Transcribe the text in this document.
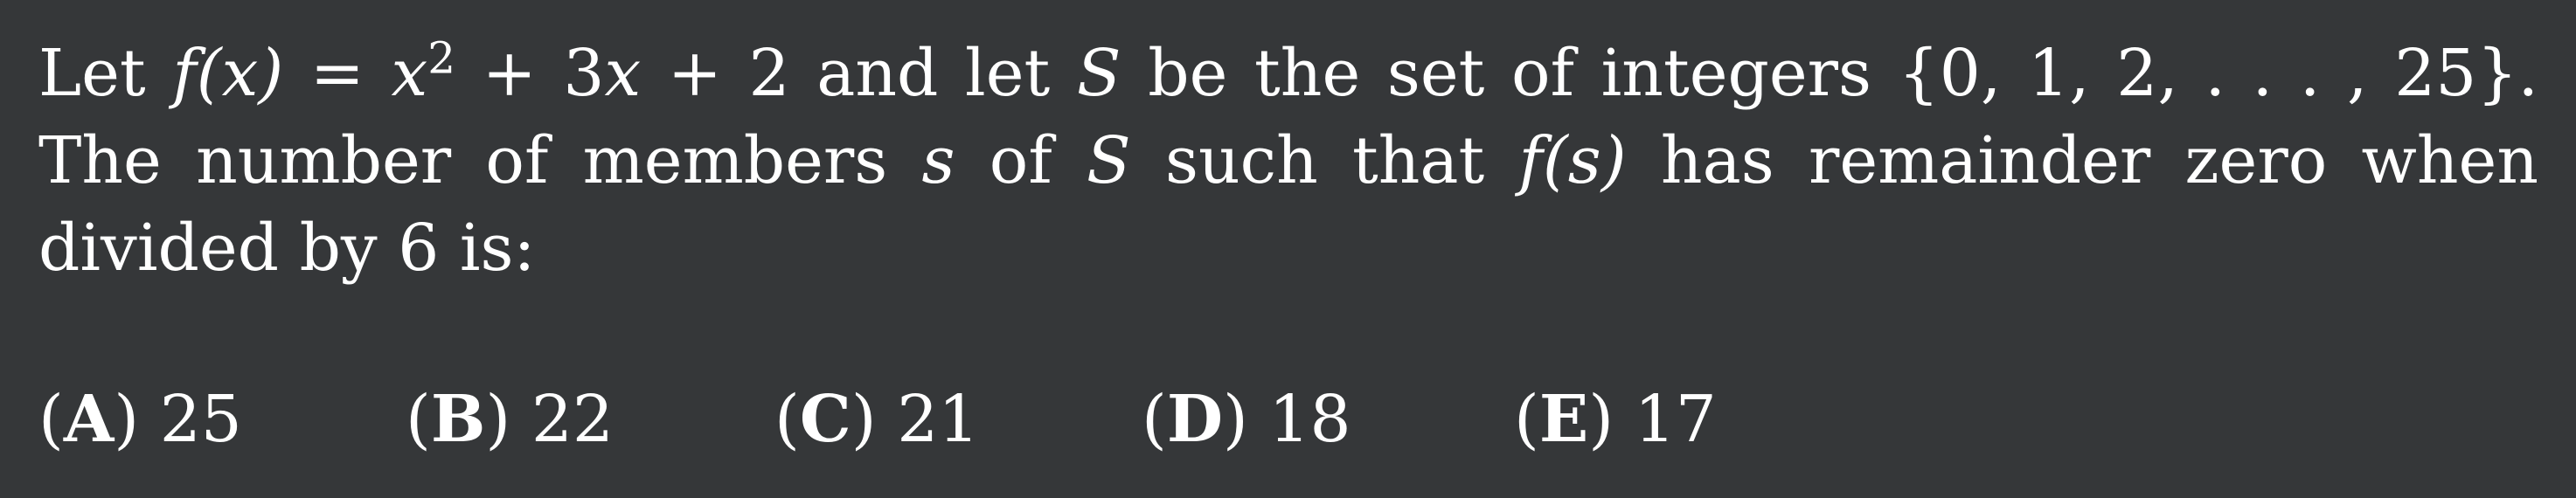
Let $f(x) = x^2 + 3x + 2$ and let S be the set of integers {0, 1, 2, . . . , 25}. The number of members s of S such that f(s) has remainder zero when divided by 6 is:
(A) 25	(B) 22 (C) 21	(D) 18	(E) 17
